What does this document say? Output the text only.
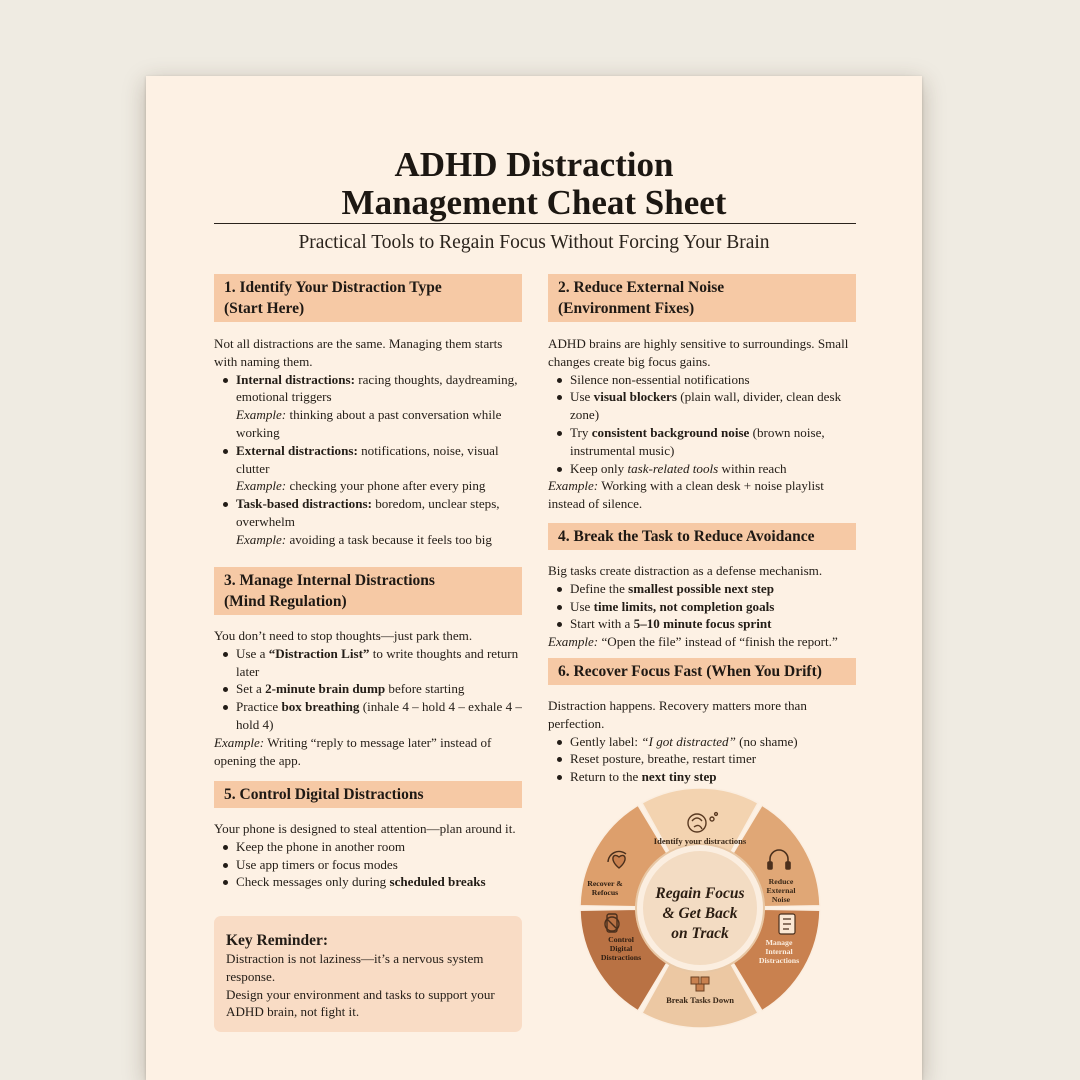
ADHD Distraction
Management Cheat Sheet
Practical Tools to Regain Focus Without Forcing Your Brain
1. Identify Your Distraction Type
(Start Here)

Not all distractions are the same. Managing them starts with naming them.

Internal distractions: racing thoughts, daydreaming, emotional triggers
Example: thinking about a past conversation while working
External distractions: notifications, noise, visual clutter
Example: checking your phone after every ping
Task-based distractions: boredom, unclear steps, overwhelm
Example: avoiding a task because it feels too big
3. Manage Internal Distractions
(Mind Regulation)

You don’t need to stop thoughts—just park them.

Use a “Distraction List” to write thoughts and return later
Set a 2-minute brain dump before starting
Practice box breathing (inhale 4 – hold 4 – exhale 4 – hold 4)

Example: Writing “reply to message later” instead of opening the app.

5. Control Digital Distractions

Your phone is designed to steal attention—plan around it.

Keep the phone in another room
Use app timers or focus modes
Check messages only during scheduled breaks
2. Reduce External Noise
(Environment Fixes)

ADHD brains are highly sensitive to surroundings. Small changes create big focus gains.

Silence non-essential notifications
Use visual blockers (plain wall, divider, clean desk zone)
Try consistent background noise (brown noise, instrumental music)
Keep only task-related tools within reach

Example: Working with a clean desk + noise playlist instead of silence.

4. Break the Task to Reduce Avoidance

Big tasks create distraction as a defense mechanism.

Define the smallest possible next step
Use time limits, not completion goals
Start with a 5–10 minute focus sprint

Example: “Open the file” instead of “finish the report.”

6. Recover Focus Fast (When You Drift)

Distraction happens. Recovery matters more than perfection.

Gently label: “I got distracted” (no shame)
Reset posture, breathe, restart timer
Return to the next tiny step
Key Reminder:
Distraction is not laziness—it’s a nervous system response.
Design your environment and tasks to support your ADHD brain, not fight it.
Identify your distractions
Reduce External Noise
Manage Internal Distractions
Break Tasks Down
Control Digital Distractions
Recover & Refocus	Regain Focus & Get Back on Track
